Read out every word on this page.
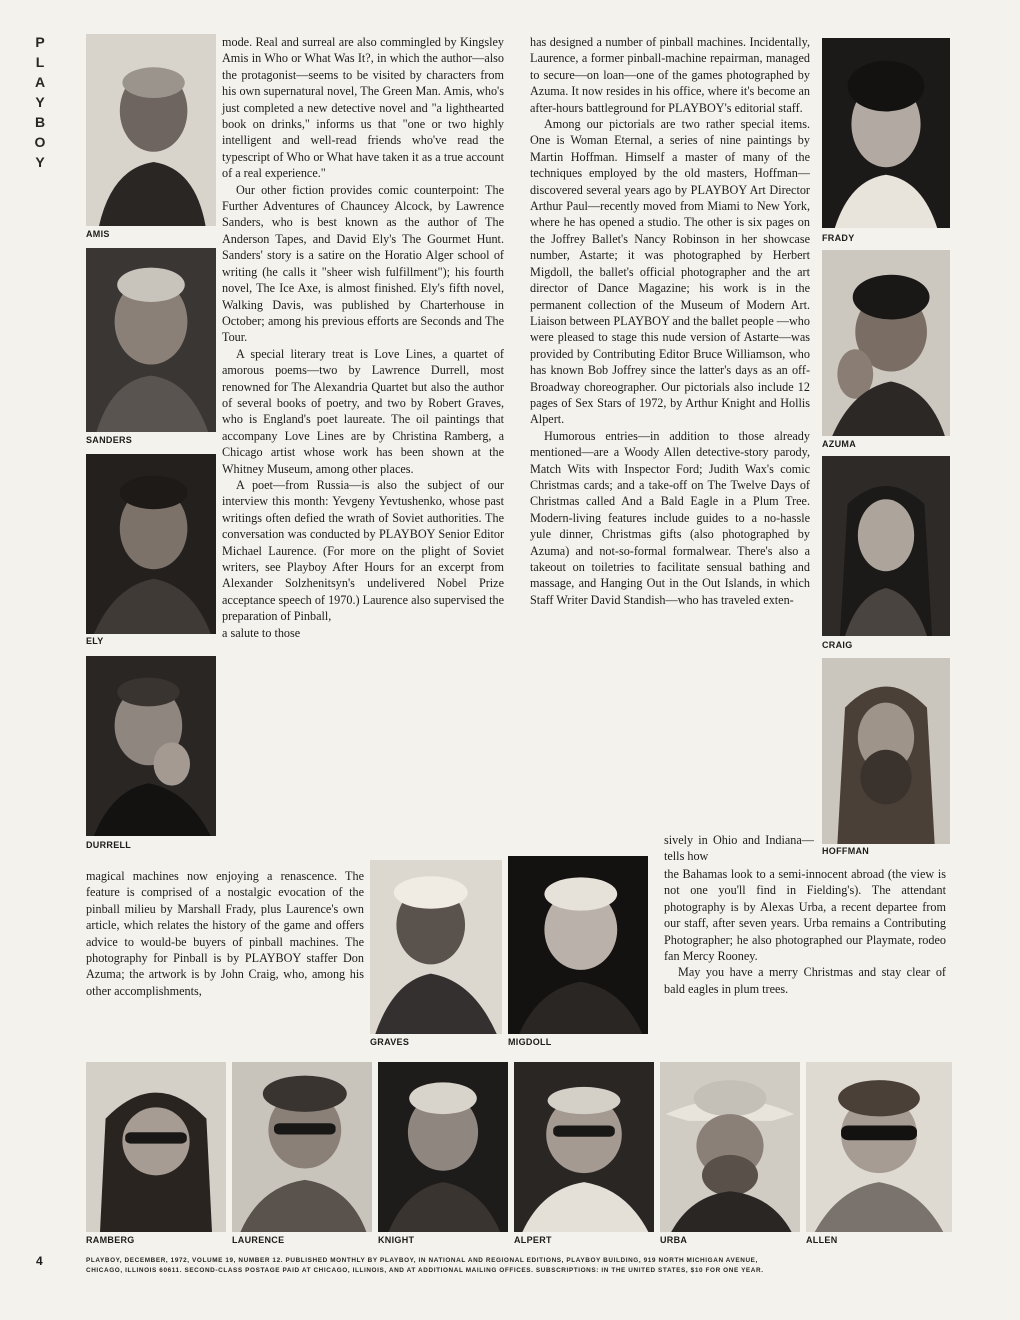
P
L
A
Y
B
O
Y
AMIS
SANDERS
ELY
DURRELL
FRADY
AZUMA
CRAIG
HOFFMAN
GRAVES	MIGDOLL
RAMBERG	LAURENCE	KNIGHT	ALPERT	URBA	ALLEN

mode. Real and surreal are also commingled by Kingsley Amis in Who or What Was It?, in which the author—also the protagonist—seems to be visited by characters from his own supernatural novel, The Green Man. Amis, who's just completed a new detective novel and "a lighthearted book on drinks," informs us that "one or two highly intelligent and well-read friends who've read the typescript of Who or What have taken it as a true account of a real experience."

Our other fiction provides comic counterpoint: The Further Adventures of Chauncey Alcock, by Lawrence Sanders, who is best known as the author of The Anderson Tapes, and David Ely's The Gourmet Hunt. Sanders' story is a satire on the Horatio Alger school of writing (he calls it "sheer wish fulfillment"); his fourth novel, The Ice Axe, is almost finished. Ely's fifth novel, Walking Davis, was published by Charterhouse in October; among his previous efforts are Seconds and The Tour.

A special literary treat is Love Lines, a quartet of amorous poems—two by Lawrence Durrell, most renowned for The Alexandria Quartet but also the author of several books of poetry, and two by Robert Graves, who is England's poet laureate. The oil paintings that accompany Love Lines are by Christina Ramberg, a Chicago artist whose work has been shown at the Whitney Museum, among other places.

A poet—from Russia—is also the subject of our interview this month: Yevgeny Yevtushenko, whose past writings often defied the wrath of Soviet authorities. The conversation was conducted by PLAYBOY Senior Editor Michael Laurence. (For more on the plight of Soviet writers, see Playboy After Hours for an excerpt from Alexander Solzhenitsyn's undelivered Nobel Prize acceptance speech of 1970.) Laurence also supervised the preparation of Pinball,

a salute to those

magical machines now enjoying a renascence. The feature is comprised of a nostalgic evocation of the pinball milieu by Marshall Frady, plus Laurence's own article, which relates the history of the game and offers advice to would-be buyers of pinball machines. The photography for Pinball is by PLAYBOY staffer Don Azuma; the artwork is by John Craig, who, among his other accomplishments,

has designed a number of pinball machines. Incidentally, Laurence, a former pinball-machine repairman, managed to secure—on loan—one of the games photographed by Azuma. It now resides in his office, where it's become an after-hours battleground for PLAYBOY's editorial staff.

Among our pictorials are two rather special items. One is Woman Eternal, a series of nine paintings by Martin Hoffman. Himself a master of many of the techniques employed by the old masters, Hoffman—discovered several years ago by PLAYBOY Art Director Arthur Paul—recently moved from Miami to New York, where he has opened a studio. The other is six pages on the Joffrey Ballet's Nancy Robinson in her showcase number, Astarte; it was photographed by Herbert Migdoll, the ballet's official photographer and the art director of Dance Magazine; his work is in the permanent collection of the Museum of Modern Art. Liaison between PLAYBOY and the ballet people —who were pleased to stage this nude version of Astarte—was provided by Contributing Editor Bruce Williamson, who has known Bob Joffrey since the latter's days as an off-Broadway choreographer. Our pictorials also include 12 pages of Sex Stars of 1972, by Arthur Knight and Hollis Alpert.

Humorous entries—in addition to those already mentioned—are a Woody Allen detective-story parody, Match Wits with Inspector Ford; Judith Wax's comic Christmas cards; and a take-off on The Twelve Days of Christmas called And a Bald Eagle in a Plum Tree. Modern-living features include guides to a no-hassle yule dinner, Christmas gifts (also photographed by Azuma) and not-so-formal formalwear. There's also a takeout on toiletries to facilitate sensual bathing and massage, and Hanging Out in the Out Islands, in which Staff Writer David Standish—who has traveled exten-

sively in Ohio and Indiana—tells how

the Bahamas look to a semi-innocent abroad (the view is not one you'll find in Fielding's). The attendant photography is by Alexas Urba, a recent departee from our staff, after seven years. Urba remains a Contributing Photographer; he also photographed our Playmate, rodeo fan Mercy Rooney.

May you have a merry Christmas and stay clear of bald eagles in plum trees.

4	PLAYBOY, DECEMBER, 1972, VOLUME 19, NUMBER 12. PUBLISHED MONTHLY BY PLAYBOY, IN NATIONAL AND REGIONAL EDITIONS, PLAYBOY BUILDING, 919 NORTH MICHIGAN AVENUE,
CHICAGO, ILLINOIS 60611. SECOND-CLASS POSTAGE PAID AT CHICAGO, ILLINOIS, AND AT ADDITIONAL MAILING OFFICES. SUBSCRIPTIONS: IN THE UNITED STATES, $10 FOR ONE YEAR.
